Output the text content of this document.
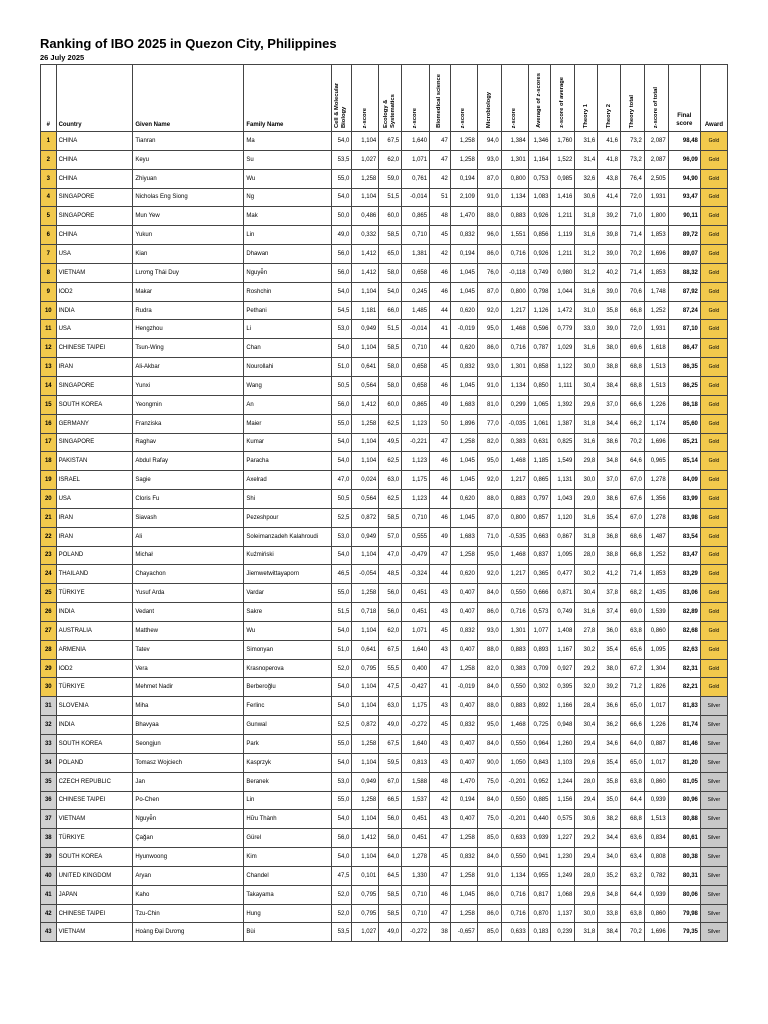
Ranking of IBO 2025 in Quezon City, Philippines
26 July 2025
#	Country	Given Name	Family Name	Cell & Molecular Biology	z-score	Ecology & Systematics	z-score	Biomedical science	z-score	Microbiology	z-score	Average of z-scores	z-score of average	Theory 1	Theory 2	Theory total	z-score of total	Final score	Award
1	CHINA	Tianran	Ma	54,0	1,104	67,5	1,640	47	1,258	94,0	1,384	1,346	1,760	31,6	41,6	73,2	2,087	98,48	Gold
2	CHINA	Keyu	Su	53,5	1,027	62,0	1,071	47	1,258	93,0	1,301	1,164	1,522	31,4	41,8	73,2	2,087	96,09	Gold
3	CHINA	Zhiyuan	Wu	55,0	1,258	59,0	0,761	42	0,194	87,0	0,800	0,753	0,985	32,6	43,8	76,4	2,505	94,90	Gold
4	SINGAPORE	Nicholas Eng Siong	Ng	54,0	1,104	51,5	-0,014	51	2,109	91,0	1,134	1,083	1,416	30,6	41,4	72,0	1,931	93,47	Gold
5	SINGAPORE	Mun Yew	Mak	50,0	0,486	60,0	0,865	48	1,470	88,0	0,883	0,926	1,211	31,8	39,2	71,0	1,800	90,11	Gold
6	CHINA	Yukun	Lin	49,0	0,332	58,5	0,710	45	0,832	96,0	1,551	0,856	1,119	31,6	39,8	71,4	1,853	89,72	Gold
7	USA	Kian	Dhawan	56,0	1,412	65,0	1,381	42	0,194	86,0	0,716	0,926	1,211	31,2	39,0	70,2	1,696	89,07	Gold
8	VIETNAM	Lương Thái Duy	Nguyễn	56,0	1,412	58,0	0,658	46	1,045	76,0	-0,118	0,749	0,980	31,2	40,2	71,4	1,853	88,32	Gold
9	IOD2	Makar	Roshchin	54,0	1,104	54,0	0,245	46	1,045	87,0	0,800	0,798	1,044	31,6	39,0	70,6	1,748	87,92	Gold
10	INDIA	Rudra	Pethani	54,5	1,181	66,0	1,485	44	0,620	92,0	1,217	1,126	1,472	31,0	35,8	66,8	1,252	87,24	Gold
11	USA	Hengzhou	Li	53,0	0,949	51,5	-0,014	41	-0,019	95,0	1,468	0,596	0,779	33,0	39,0	72,0	1,931	87,10	Gold
12	CHINESE TAIPEI	Tsun-Wing	Chan	54,0	1,104	58,5	0,710	44	0,620	86,0	0,716	0,787	1,029	31,6	38,0	69,6	1,618	86,47	Gold
13	IRAN	Ali-Akbar	Nourollahi	51,0	0,641	58,0	0,658	45	0,832	93,0	1,301	0,858	1,122	30,0	38,8	68,8	1,513	86,35	Gold
14	SINGAPORE	Yunxi	Wang	50,5	0,564	58,0	0,658	46	1,045	91,0	1,134	0,850	1,111	30,4	38,4	68,8	1,513	86,25	Gold
15	SOUTH KOREA	Yeongmin	An	56,0	1,412	60,0	0,865	49	1,683	81,0	0,299	1,065	1,392	29,6	37,0	66,6	1,226	86,18	Gold
16	GERMANY	Franziska	Maier	55,0	1,258	62,5	1,123	50	1,896	77,0	-0,035	1,061	1,387	31,8	34,4	66,2	1,174	85,60	Gold
17	SINGAPORE	Raghav	Kumar	54,0	1,104	49,5	-0,221	47	1,258	82,0	0,383	0,631	0,825	31,6	38,6	70,2	1,696	85,21	Gold
18	PAKISTAN	Abdul Rafay	Paracha	54,0	1,104	62,5	1,123	46	1,045	95,0	1,468	1,185	1,549	29,8	34,8	64,6	0,965	85,14	Gold
19	ISRAEL	Sagie	Axelrad	47,0	0,024	63,0	1,175	46	1,045	92,0	1,217	0,865	1,131	30,0	37,0	67,0	1,278	84,09	Gold
20	USA	Cloris Fu	Shi	50,5	0,564	62,5	1,123	44	0,620	88,0	0,883	0,797	1,043	29,0	38,6	67,6	1,356	83,99	Gold
21	IRAN	Siavash	Pezeshpour	52,5	0,872	58,5	0,710	46	1,045	87,0	0,800	0,857	1,120	31,6	35,4	67,0	1,278	83,98	Gold
22	IRAN	Ali	Soleimanzadeh Kalahroudi	53,0	0,949	57,0	0,555	49	1,683	71,0	-0,535	0,663	0,867	31,8	36,8	68,6	1,487	83,54	Gold
23	POLAND	Michał	Kuźmiński	54,0	1,104	47,0	-0,479	47	1,258	95,0	1,468	0,837	1,095	28,0	38,8	66,8	1,252	83,47	Gold
24	THAILAND	Chayachon	Jiemwetwittayaporn	46,5	-0,054	48,5	-0,324	44	0,620	92,0	1,217	0,365	0,477	30,2	41,2	71,4	1,853	83,29	Gold
25	TÜRKIYE	Yusuf Arda	Vardar	55,0	1,258	56,0	0,451	43	0,407	84,0	0,550	0,666	0,871	30,4	37,8	68,2	1,435	83,06	Gold
26	INDIA	Vedant	Sakre	51,5	0,718	56,0	0,451	43	0,407	86,0	0,716	0,573	0,749	31,6	37,4	69,0	1,539	82,89	Gold
27	AUSTRALIA	Matthew	Wu	54,0	1,104	62,0	1,071	45	0,832	93,0	1,301	1,077	1,408	27,8	36,0	63,8	0,860	82,68	Gold
28	ARMENIA	Tatev	Simonyan	51,0	0,641	67,5	1,640	43	0,407	88,0	0,883	0,893	1,167	30,2	35,4	65,6	1,095	82,63	Gold
29	IOD2	Vera	Krasnoperova	52,0	0,795	55,5	0,400	47	1,258	82,0	0,383	0,709	0,927	29,2	38,0	67,2	1,304	82,31	Gold
30	TÜRKIYE	Mehmet Nadir	Berberoğlu	54,0	1,104	47,5	-0,427	41	-0,019	84,0	0,550	0,302	0,395	32,0	39,2	71,2	1,826	82,21	Gold
31	SLOVENIA	Miha	Ferlinc	54,0	1,104	63,0	1,175	43	0,407	88,0	0,883	0,892	1,166	28,4	36,6	65,0	1,017	81,83	Silver
32	INDIA	Bhavyaa	Gunwal	52,5	0,872	49,0	-0,272	45	0,832	95,0	1,468	0,725	0,948	30,4	36,2	66,6	1,226	81,74	Silver
33	SOUTH KOREA	Seongjun	Park	55,0	1,258	67,5	1,640	43	0,407	84,0	0,550	0,964	1,260	29,4	34,6	64,0	0,887	81,46	Silver
34	POLAND	Tomasz Wojciech	Kasprzyk	54,0	1,104	59,5	0,813	43	0,407	90,0	1,050	0,843	1,103	29,6	35,4	65,0	1,017	81,20	Silver
35	CZECH REPUBLIC	Jan	Beranek	53,0	0,949	67,0	1,588	48	1,470	75,0	-0,201	0,952	1,244	28,0	35,8	63,8	0,860	81,05	Silver
36	CHINESE TAIPEI	Po-Chen	Lin	55,0	1,258	66,5	1,537	42	0,194	84,0	0,550	0,885	1,156	29,4	35,0	64,4	0,939	80,96	Silver
37	VIETNAM	Nguyễn	Hữu Thành	54,0	1,104	56,0	0,451	43	0,407	75,0	-0,201	0,440	0,575	30,6	38,2	68,8	1,513	80,88	Silver
38	TÜRKIYE	Çağan	Gürel	56,0	1,412	56,0	0,451	47	1,258	85,0	0,633	0,939	1,227	29,2	34,4	63,6	0,834	80,61	Silver
39	SOUTH KOREA	Hyunwoong	Kim	54,0	1,104	64,0	1,278	45	0,832	84,0	0,550	0,941	1,230	29,4	34,0	63,4	0,808	80,38	Silver
40	UNITED KINGDOM	Aryan	Chandel	47,5	0,101	64,5	1,330	47	1,258	91,0	1,134	0,955	1,249	28,0	35,2	63,2	0,782	80,31	Silver
41	JAPAN	Kaho	Takayama	52,0	0,795	58,5	0,710	46	1,045	86,0	0,716	0,817	1,068	29,6	34,8	64,4	0,939	80,06	Silver
42	CHINESE TAIPEI	Tzu-Chin	Hung	52,0	0,795	58,5	0,710	47	1,258	86,0	0,716	0,870	1,137	30,0	33,8	63,8	0,860	79,98	Silver
43	VIETNAM	Hoàng Đại Dương	Bùi	53,5	1,027	49,0	-0,272	38	-0,657	85,0	0,633	0,183	0,239	31,8	38,4	70,2	1,696	79,35	Silver
